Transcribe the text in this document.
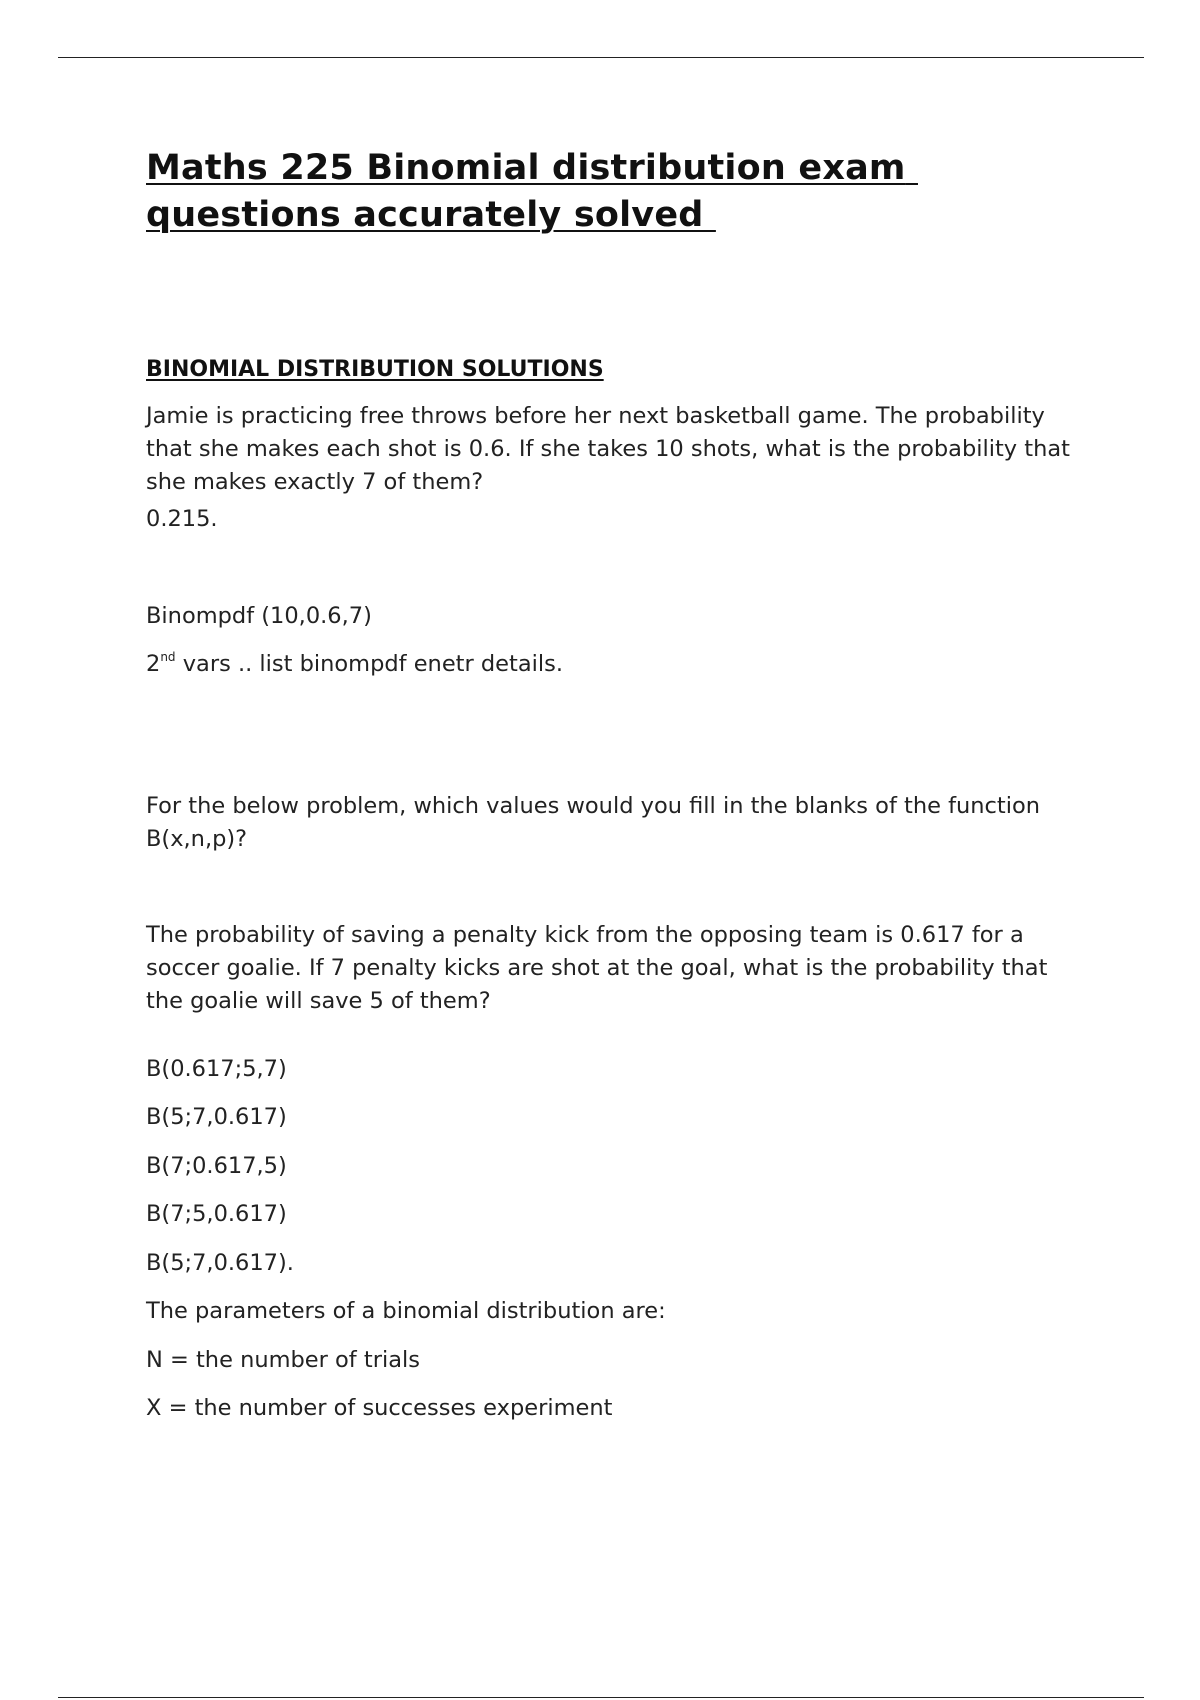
Maths 225 Binomial distribution exam questions accurately solved
BINOMIAL DISTRIBUTION SOLUTIONS

Jamie is practicing free throws before her next basketball game. The probability that she makes each shot is 0.6. If she takes 10 shots, what is the probability that she makes exactly 7 of them?

0.215.

Binompdf (10,0.6,7)

2nd vars .. list binompdf enetr details.

For the below problem, which values would you fill in the blanks of the function B(x,n,p)?

The probability of saving a penalty kick from the opposing team is 0.617 for a soccer goalie. If 7 penalty kicks are shot at the goal, what is the probability that the goalie will save 5 of them?

B(0.617;5,7)

B(5;7,0.617)

B(7;0.617,5)

B(7;5,0.617)

B(5;7,0.617).

The parameters of a binomial distribution are:

N = the number of trials

X = the number of successes experiment
